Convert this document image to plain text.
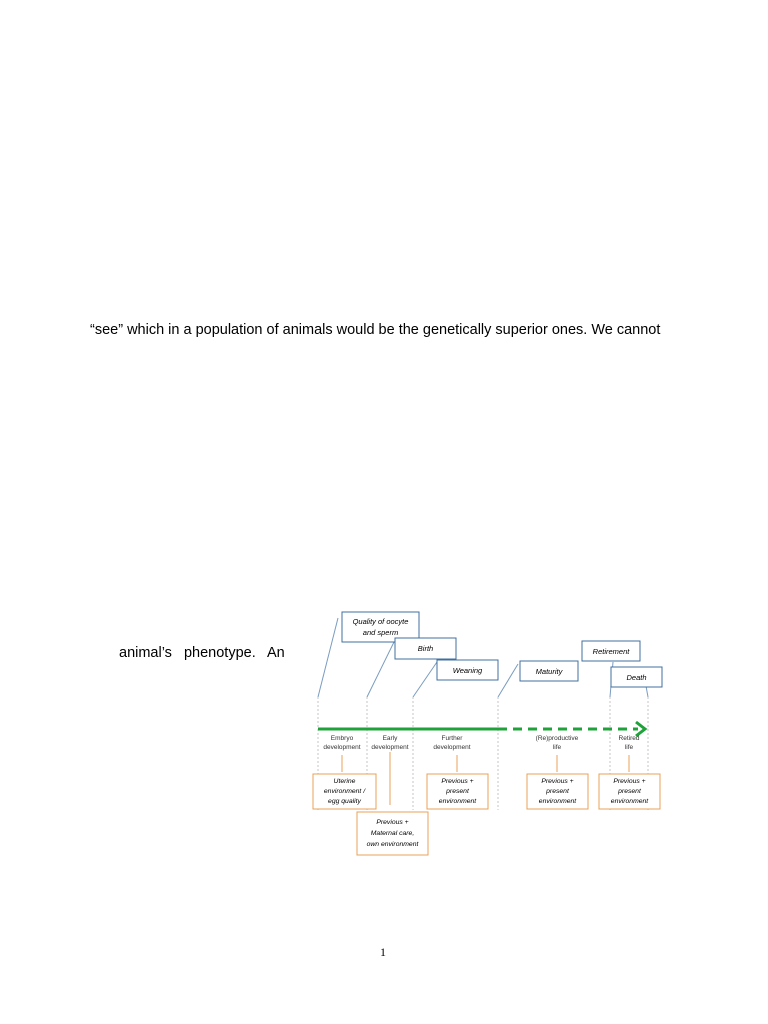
“see” which in a population of animals would be the genetically superior ones. We cannot
animal’s  phenotype.  An
Quality of oocyte
and sperm
Birth
Weaning	Maturity
Retirement
Death
Embryo
development
Early
development
Further
development
(Re)productive
life
Retired
life
Uterine
environment /
egg quality
Previous +
present
environment
Previous +
present
environment
Previous +
present
environment
Previous +
Maternal care,
own environment
1
